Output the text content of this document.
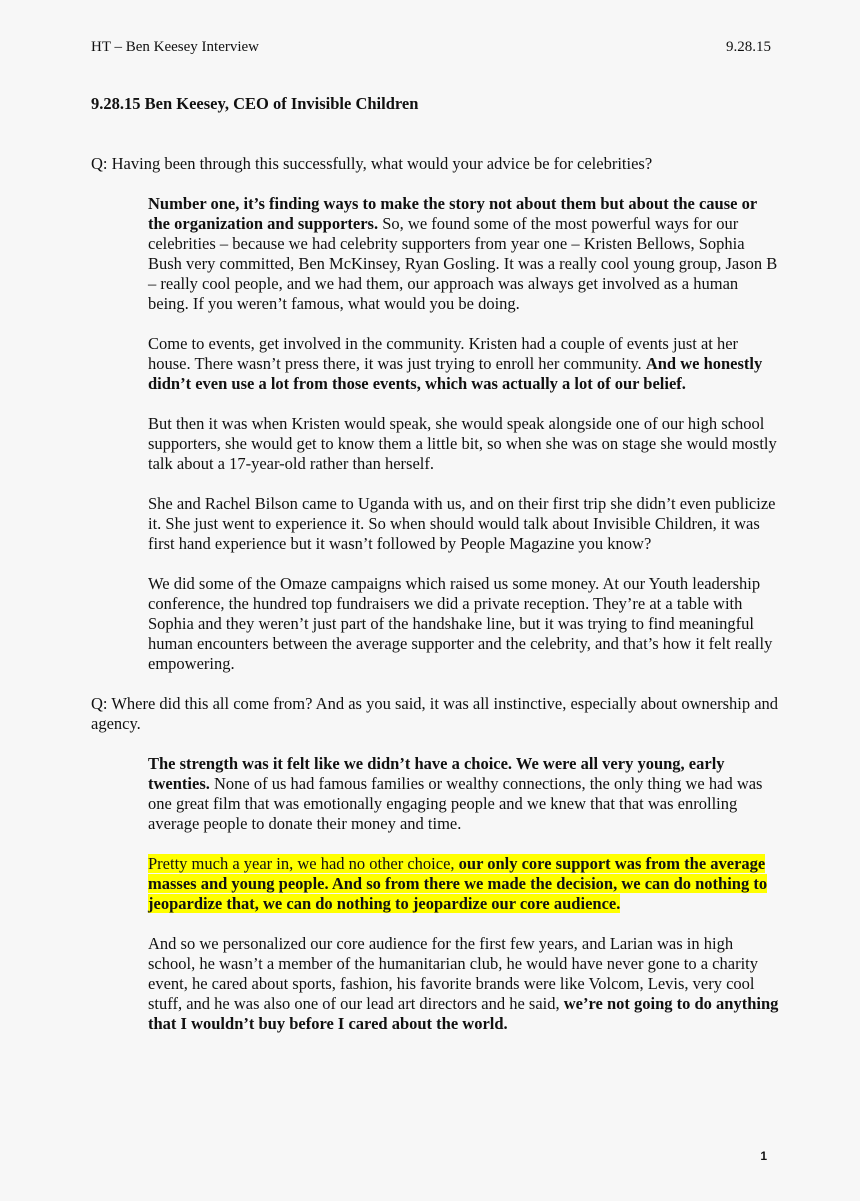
HT – Ben Keesey Interview	9.28.15
9.28.15 Ben Keesey, CEO of Invisible Children

Q: Having been through this successfully, what would your advice be for celebrities?

Number one, it’s finding ways to make the story not about them but about the cause or the organization and supporters. So, we found some of the most powerful ways for our celebrities – because we had celebrity supporters from year one – Kristen Bellows, Sophia Bush very committed, Ben McKinsey, Ryan Gosling. It was a really cool young group, Jason B – really cool people, and we had them, our approach was always get involved as a human being. If you weren’t famous, what would you be doing.

Come to events, get involved in the community. Kristen had a couple of events just at her house. There wasn’t press there, it was just trying to enroll her community. And we honestly didn’t even use a lot from those events, which was actually a lot of our belief.

But then it was when Kristen would speak, she would speak alongside one of our high school supporters, she would get to know them a little bit, so when she was on stage she would mostly talk about a 17-year-old rather than herself.

She and Rachel Bilson came to Uganda with us, and on their first trip she didn’t even publicize it. She just went to experience it. So when should would talk about Invisible Children, it was first hand experience but it wasn’t followed by People Magazine you know?

We did some of the Omaze campaigns which raised us some money. At our Youth leadership conference, the hundred top fundraisers we did a private reception. They’re at a table with Sophia and they weren’t just part of the handshake line, but it was trying to find meaningful human encounters between the average supporter and the celebrity, and that’s how it felt really empowering.

Q: Where did this all come from? And as you said, it was all instinctive, especially about ownership and agency.

The strength was it felt like we didn’t have a choice. We were all very young, early twenties. None of us had famous families or wealthy connections, the only thing we had was one great film that was emotionally engaging people and we knew that that was enrolling average people to donate their money and time.

Pretty much a year in, we had no other choice, our only core support was from the average masses and young people. And so from there we made the decision, we can do nothing to jeopardize that, we can do nothing to jeopardize our core audience.

And so we personalized our core audience for the first few years, and Larian was in high school, he wasn’t a member of the humanitarian club, he would have never gone to a charity event, he cared about sports, fashion, his favorite brands were like Volcom, Levis, very cool stuff, and he was also one of our lead art directors and he said, we’re not going to do anything that I wouldn’t buy before I cared about the world.

1
